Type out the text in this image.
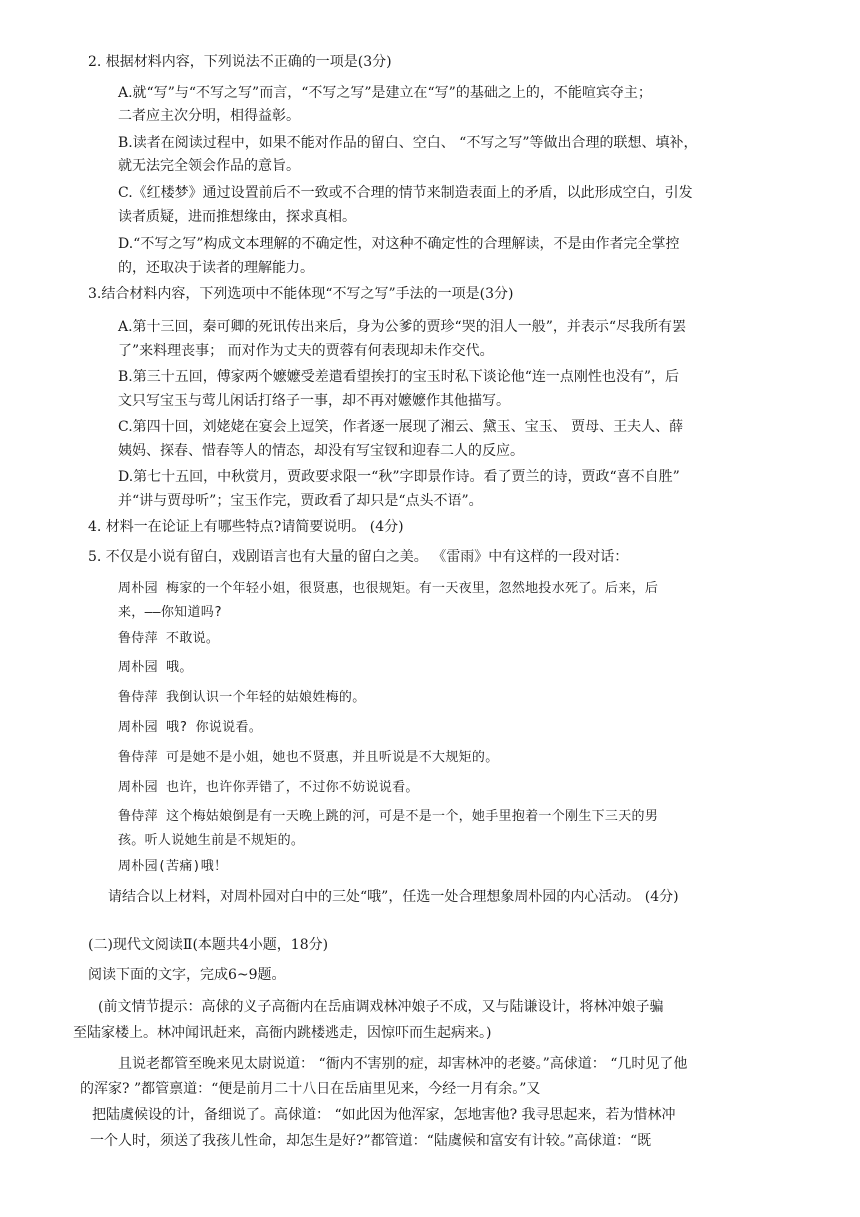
2. 根据材料内容，下列说法不正确的一项是(3分)
A.就“写”与“不写之写”而言，“不写之写”是建立在“写”的基础之上的，不能喧宾夺主；
二者应主次分明，相得益彰。
B.读者在阅读过程中，如果不能对作品的留白、空白、 “不写之写”等做出合理的联想、填补，
就无法完全领会作品的意旨。
C.《红楼梦》通过设置前后不一致或不合理的情节来制造表面上的矛盾，以此形成空白，引发
读者质疑，进而推想缘由，探求真相。
D.“不写之写”构成文本理解的不确定性，对这种不确定性的合理解读，不是由作者完全掌控
的，还取决于读者的理解能力。
3.结合材料内容，下列选项中不能体现“不写之写”手法的一项是(3分)
A.第十三回，秦可卿的死讯传出来后，身为公爹的贾珍“哭的泪人一般”，并表示“尽我所有罢
了”来料理丧事； 而对作为丈夫的贾蓉有何表现却未作交代。
B.第三十五回，傅家两个嬷嬷受差遣看望挨打的宝玉时私下谈论他“连一点刚性也没有”，后
文只写宝玉与莺儿闲话打络子一事，却不再对嬷嬷作其他描写。
C.第四十回，刘姥姥在宴会上逗笑，作者逐一展现了湘云、黛玉、宝玉、 贾母、王夫人、薛
姨妈、探春、惜春等人的情态，却没有写宝钗和迎春二人的反应。
D.第七十五回，中秋赏月，贾政要求限一“秋”字即景作诗。看了贾兰的诗，贾政“喜不自胜”
并“讲与贾母听”；宝玉作完，贾政看了却只是“点头不语”。
4. 材料一在论证上有哪些特点?请简要说明。 (4分)
5. 不仅是小说有留白，戏剧语言也有大量的留白之美。 《雷雨》中有这样的一段对话：
周朴园 梅家的一个年轻小姐，很贤惠，也很规矩。有一天夜里，忽然地投水死了。后来，后
来，——你知道吗?
鲁侍萍 不敢说。
周朴园 哦。
鲁侍萍 我倒认识一个年轻的姑娘姓梅的。
周朴园 哦? 你说说看。
鲁侍萍 可是她不是小姐，她也不贤惠，并且听说是不大规矩的。
周朴园 也许，也许你弄错了，不过你不妨说说看。
鲁侍萍 这个梅姑娘倒是有一天晚上跳的河，可是不是一个，她手里抱着一个刚生下三天的男
孩。听人说她生前是不规矩的。
周朴园(苦痛)哦！
请结合以上材料，对周朴园对白中的三处“哦”，任选一处合理想象周朴园的内心活动。 (4分)
(二)现代文阅读Ⅱ(本题共4小题，18分)
阅读下面的文字，完成6~9题。
(前文情节提示：高俅的义子高衙内在岳庙调戏林冲娘子不成，又与陆谦设计，将林冲娘子骗
至陆家楼上。林冲闻讯赶来，高衙内跳楼逃走，因惊吓而生起病来。)
且说老都管至晚来见太尉说道： “衙内不害别的症，却害林冲的老婆。”高俅道： “几时见了他
的浑家? ”都管禀道：“便是前月二十八日在岳庙里见来，今经一月有余。”又
把陆虞候设的计，备细说了。高俅道： “如此因为他浑家，怎地害他? 我寻思起来，若为惜林冲
一个人时，须送了我孩儿性命，却怎生是好?”都管道：“陆虞候和富安有计较。”高俅道：“既
